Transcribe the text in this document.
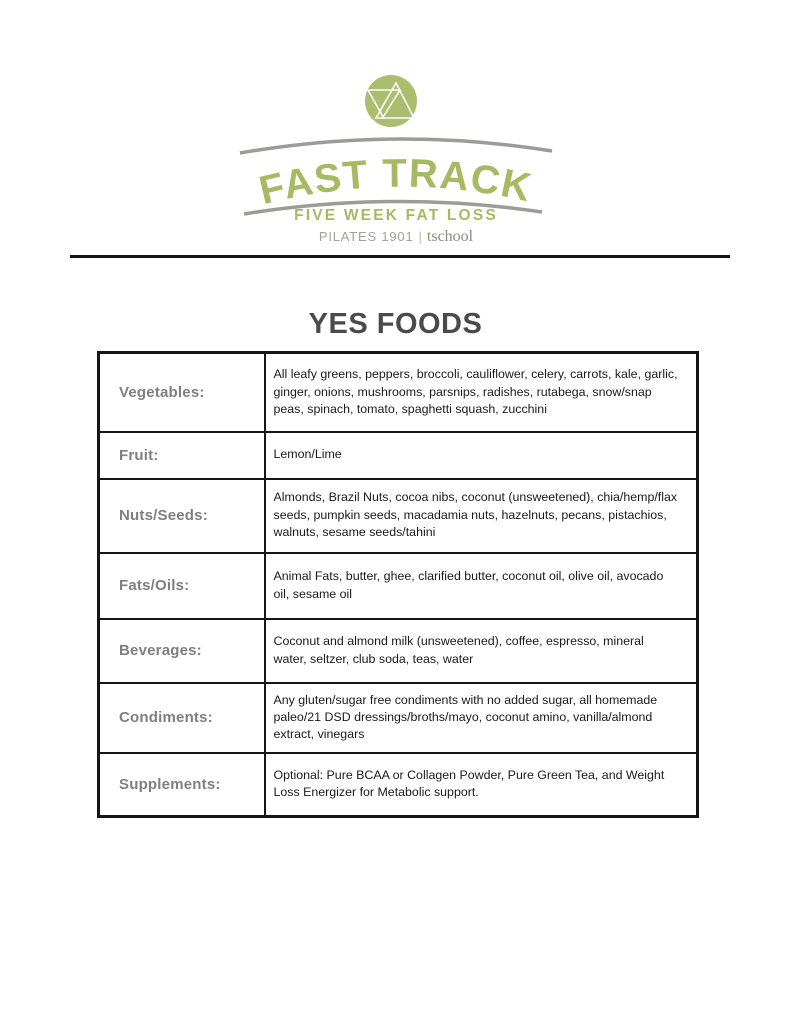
FAST TRACK
FIVE WEEK FAT LOSS
PILATES 1901 | tschool
YES FOODS
Vegetables:	All leafy greens, peppers, broccoli, cauliflower, celery, carrots, kale, garlic, ginger, onions, mushrooms, parsnips, radishes, rutabega, snow/snap peas, spinach, tomato, spaghetti squash, zucchini
Fruit:	Lemon/Lime
Nuts/Seeds:	Almonds, Brazil Nuts, cocoa nibs, coconut (unsweetened), chia/hemp/flax seeds, pumpkin seeds, macadamia nuts, hazelnuts, pecans, pistachios, walnuts, sesame seeds/tahini
Fats/Oils:	Animal Fats, butter, ghee, clarified butter, coconut oil, olive oil, avocado oil, sesame oil
Beverages:	Coconut and almond milk (unsweetened), coffee, espresso, mineral water, seltzer, club soda, teas, water
Condiments:	Any gluten/sugar free condiments with no added sugar, all homemade paleo/21 DSD dressings/broths/mayo, coconut amino, vanilla/almond extract, vinegars
Supplements:	Optional: Pure BCAA or Collagen Powder, Pure Green Tea, and Weight Loss Energizer for Metabolic support.
